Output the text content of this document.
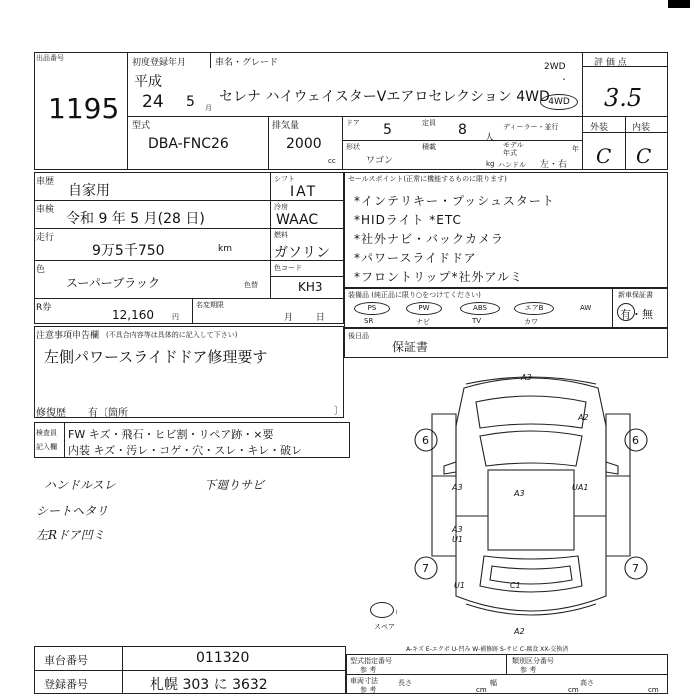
出品番号
1195
初度登録年月
平成
24 5 月
車名・グレード
セレナ ハイウェイスターVエアロセレクション 4WD
2WD
・
4WD
評 価 点
3.5
型式
DBA-FNC26
排気量
2000
cc
ドア 5	定員 8 人
ディーラー・並行
形状
ワゴン
積載	モデル 年式	年
kg ハンドル 左・右
外装	内装
C C
車歴
自家用
車検
令和 9 年 5 月(28 日)
走行
9万5千750	km
色
スーパーブラック	色替
シフト
IAT
冷房
WAAC
燃料
ガソリン
色コード
KH3
R券	12,160	円
名変期限
月 日
セールスポイント(正常に機能するものに限ります)
*インテリキー・プッシュスタート
*HIDライト *ETC
*社外ナビ・バックカメラ
*パワースライドドア
*フロントリップ*社外アルミ
装備品 (純正品に限り○をつけてください)	新車保証書
PS	PW	ABS	エアB	AW
SR	ナビ	TV	カワ
有・無
注意事項申告欄 (不具合内容等は具体的に記入して下さい)
左側パワースライドドア修理要す
修復歴 有〔箇所	〕
後日品
保証書
検査員
記入欄
FW キズ・飛石・ヒビ割・リペア跡・×要
内装 キズ・汚レ・コゲ・穴・スレ・キレ・破レ
ハンドルスレ
シートヘタリ
左Rドア凹ミ
下廻りサビ
A3
A2
6	6
A3
A3
UA1
A3
U1
7	7
U1	C1
A2
スペア
A-キズ E-エクボ U-凹み W-補修跡 S-サビ C-腐食 XX-交換済
車台番号	011320
登録番号	札幌 303 に 3632
型式指定番号
参 考
類別区分番号
参 考
車両寸法
参 考
長さ
cm
幅
cm
高さ
cm
